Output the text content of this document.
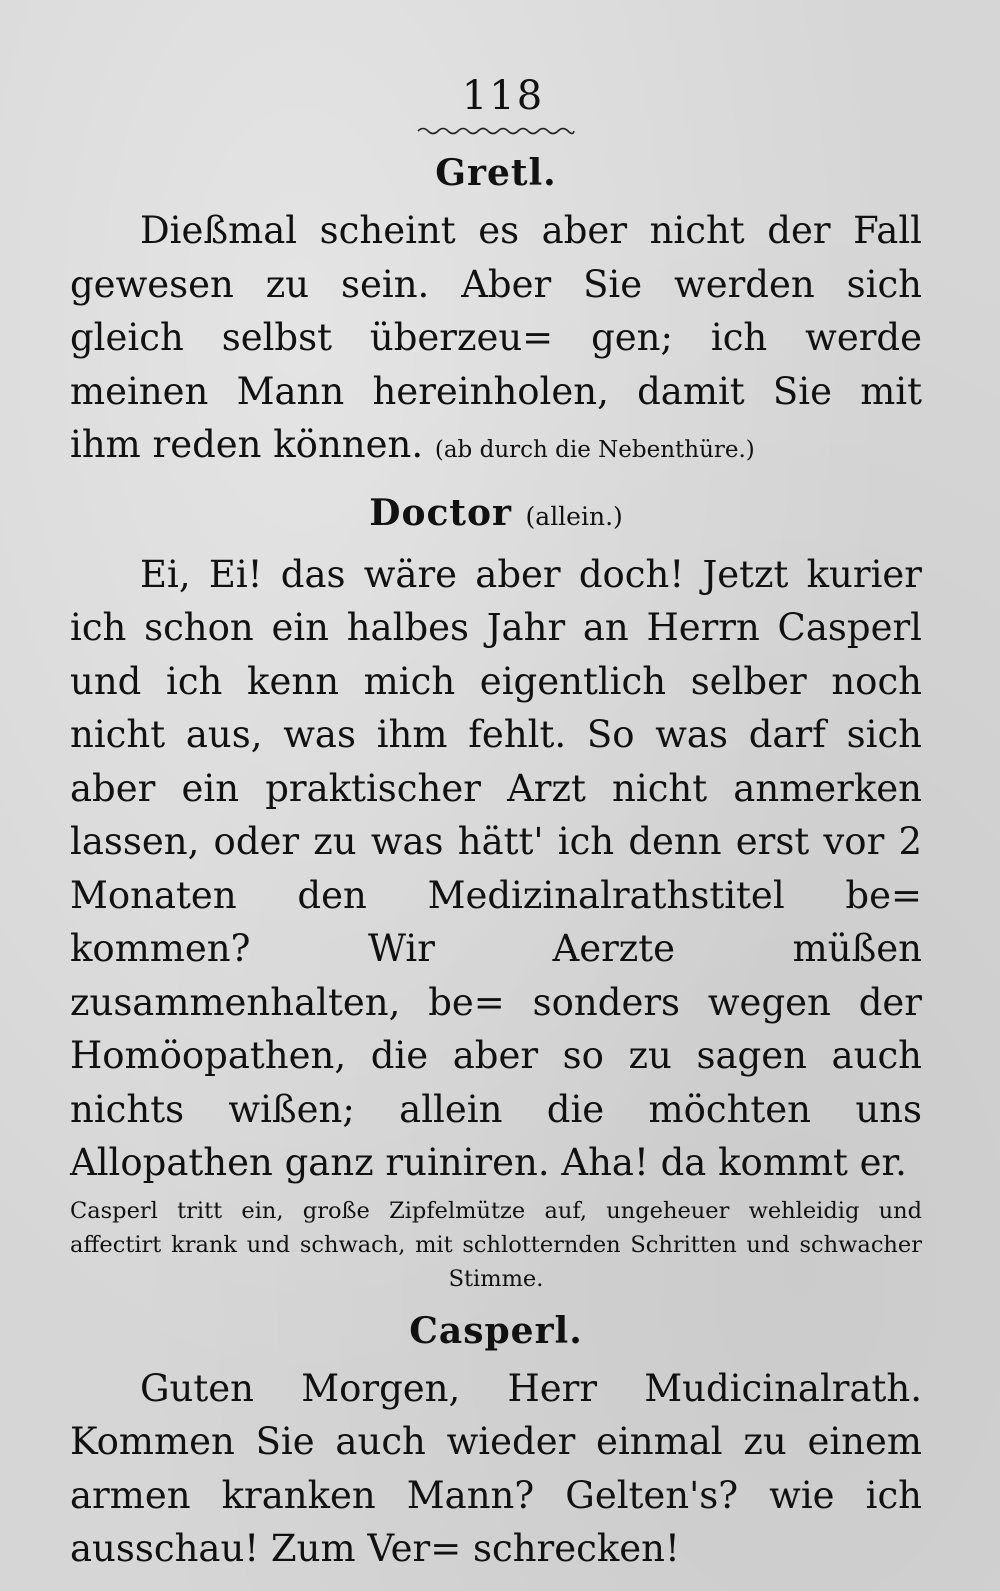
118
Gretl.

Dießmal scheint es aber nicht der Fall gewesen zu sein. Aber Sie werden sich gleich selbst überzeu= gen; ich werde meinen Mann hereinholen, damit Sie mit ihm reden können. (ab durch die Nebenthüre.)

Doctor (allein.)

Ei, Ei! das wäre aber doch! Jetzt kurier ich schon ein halbes Jahr an Herrn Casperl und ich kenn mich eigentlich selber noch nicht aus, was ihm fehlt. So was darf sich aber ein praktischer Arzt nicht anmerken lassen, oder zu was hätt' ich denn erst vor 2 Monaten den Medizinalrathstitel be= kommen? Wir Aerzte müßen zusammenhalten, be= sonders wegen der Homöopathen, die aber so zu sagen auch nichts wißen; allein die möchten uns Allopathen ganz ruiniren. Aha! da kommt er.

Casperl tritt ein, große Zipfelmütze auf, ungeheuer wehleidig und affectirt krank und schwach, mit schlotternden Schritten und schwacher Stimme.

Casperl.

Guten Morgen, Herr Mudicinalrath. Kommen Sie auch wieder einmal zu einem armen kranken Mann? Gelten's? wie ich ausschau! Zum Ver= schrecken!
